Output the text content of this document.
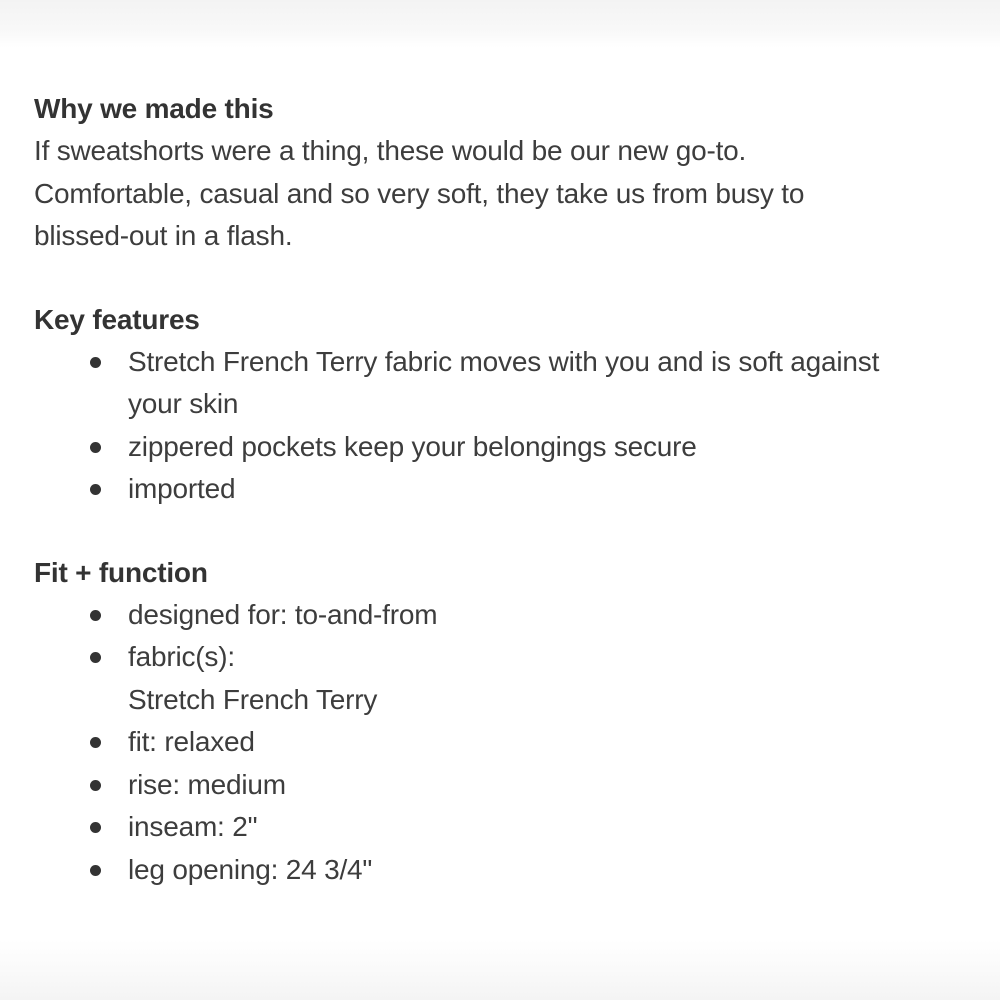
Why we made this

If sweatshorts were a thing, these would be our new go-to.
Comfortable, casual and so very soft, they take us from busy to
blissed-out in a flash.

Key features
Stretch French Terry fabric moves with you and is soft against
your skin
zippered pockets keep your belongings secure
imported
Fit + function
designed for: to-and-from
fabric(s):
Stretch French Terry
fit: relaxed
rise: medium
inseam: 2"
leg opening: 24 3/4"
